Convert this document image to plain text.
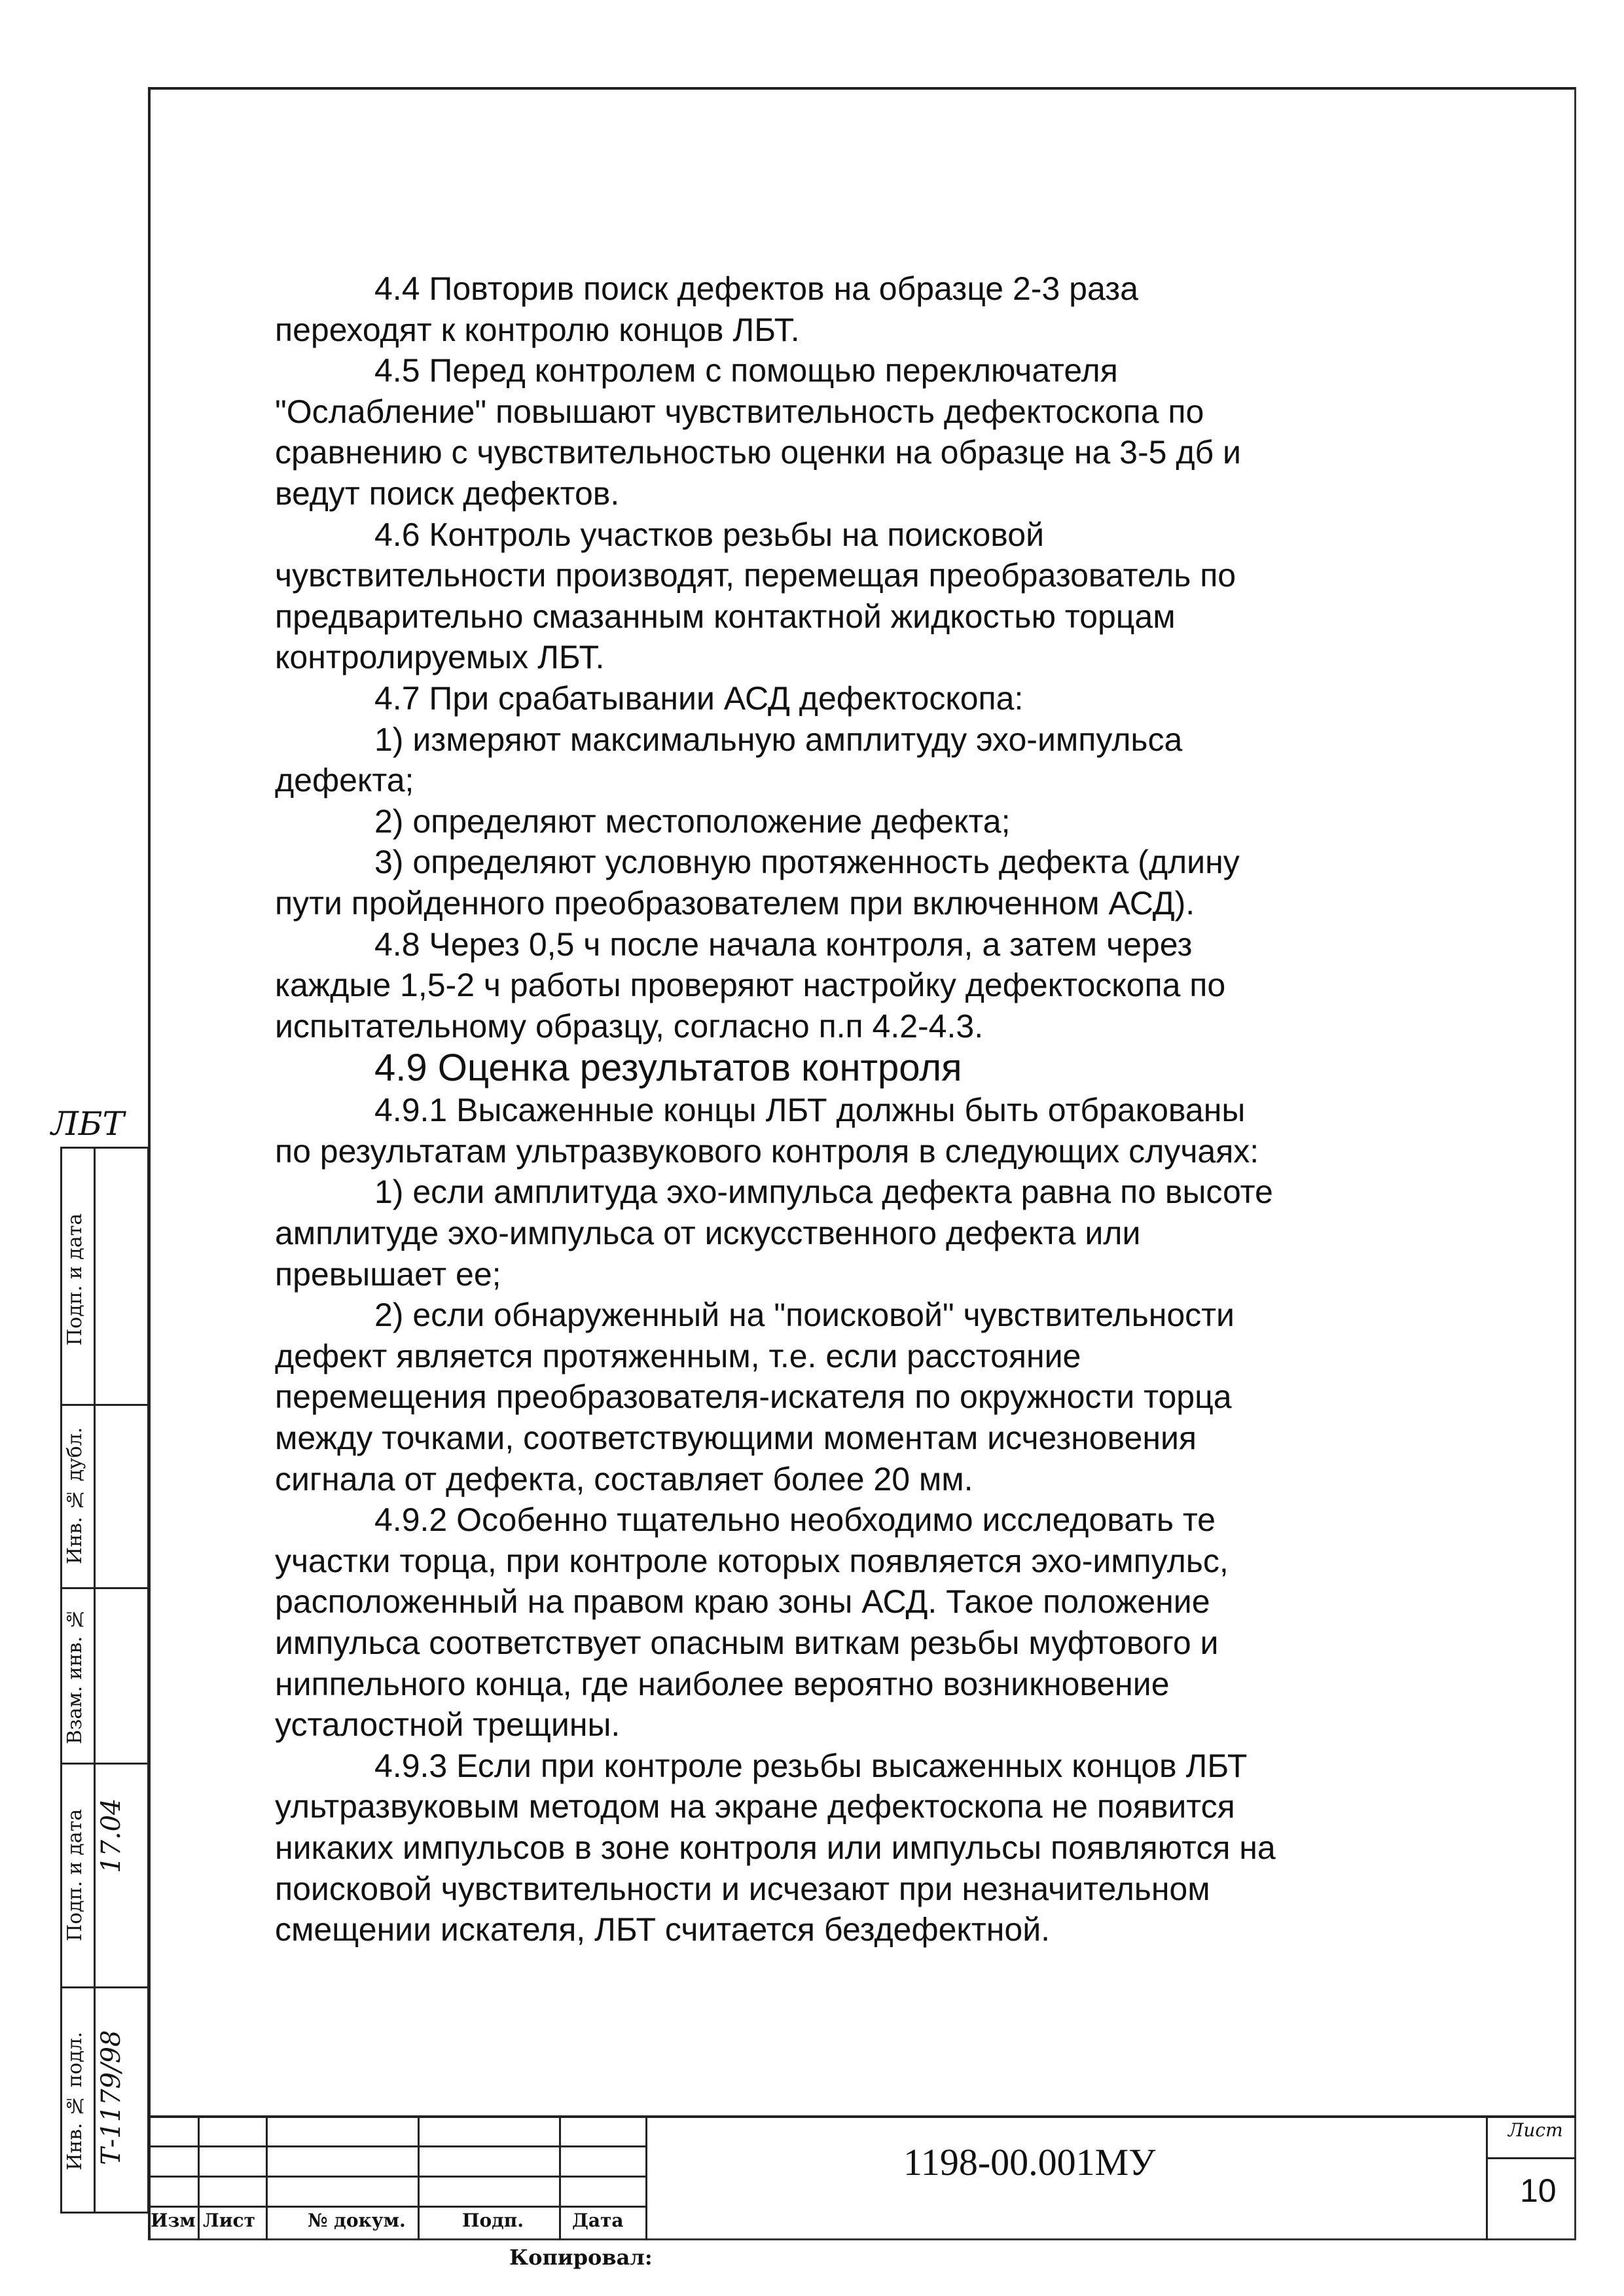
4.4 Повторив поиск дефектов на образце 2-3 раза

переходят к контролю концов ЛБТ.

4.5 Перед контролем с помощью переключателя

"Ослабление" повышают чувствительность дефектоскопа по

сравнению с чувствительностью оценки на образце на 3-5 дб и

ведут поиск дефектов.

4.6 Контроль участков резьбы на поисковой

чувствительности производят, перемещая преобразователь по

предварительно смазанным контактной жидкостью торцам

контролируемых ЛБТ.

4.7 При срабатывании АСД дефектоскопа:

1) измеряют максимальную амплитуду эхо-импульса

дефекта;

2) определяют местоположение дефекта;

3) определяют условную протяженность дефекта (длину

пути пройденного преобразователем при включенном АСД).

4.8 Через 0,5 ч после начала контроля, а затем через

каждые 1,5-2 ч работы проверяют настройку дефектоскопа по

испытательному образцу, согласно п.п 4.2-4.3.

4.9 Оценка результатов контроля

4.9.1 Высаженные концы ЛБТ должны быть отбракованы

по результатам ультразвукового контроля в следующих случаях:

1) если амплитуда эхо-импульса дефекта равна по высоте

амплитуде эхо-импульса от искусственного дефекта или

превышает ее;

2) если обнаруженный на "поисковой" чувствительности

дефект является протяженным, т.е. если расстояние

перемещения преобразователя-искателя по окружности торца

между точками, соответствующими моментам исчезновения

сигнала от дефекта, составляет более 20 мм.

4.9.2 Особенно тщательно необходимо исследовать те

участки торца, при контроле которых появляется эхо-импульс,

расположенный на правом краю зоны АСД. Такое положение

импульса соответствует опасным виткам резьбы муфтового и

ниппельного конца, где наиболее вероятно возникновение

усталостной трещины.

4.9.3 Если при контроле резьбы высаженных концов ЛБТ

ультразвуковым методом на экране дефектоскопа не появится

никаких импульсов в зоне контроля или импульсы появляются на

поисковой чувствительности и исчезают при незначительном

смещении искателя, ЛБТ считается бездефектной.

ЛБТ
Подп. и дата
Инв. № дубл.
Взам. инв. №
Подп. и дата
Инв. № подл.
17.04
Т-1179/98
Изм Лист	№ докум.	Подп.	Дата
1198-00.001МУ
Лист
10
Копировал:
